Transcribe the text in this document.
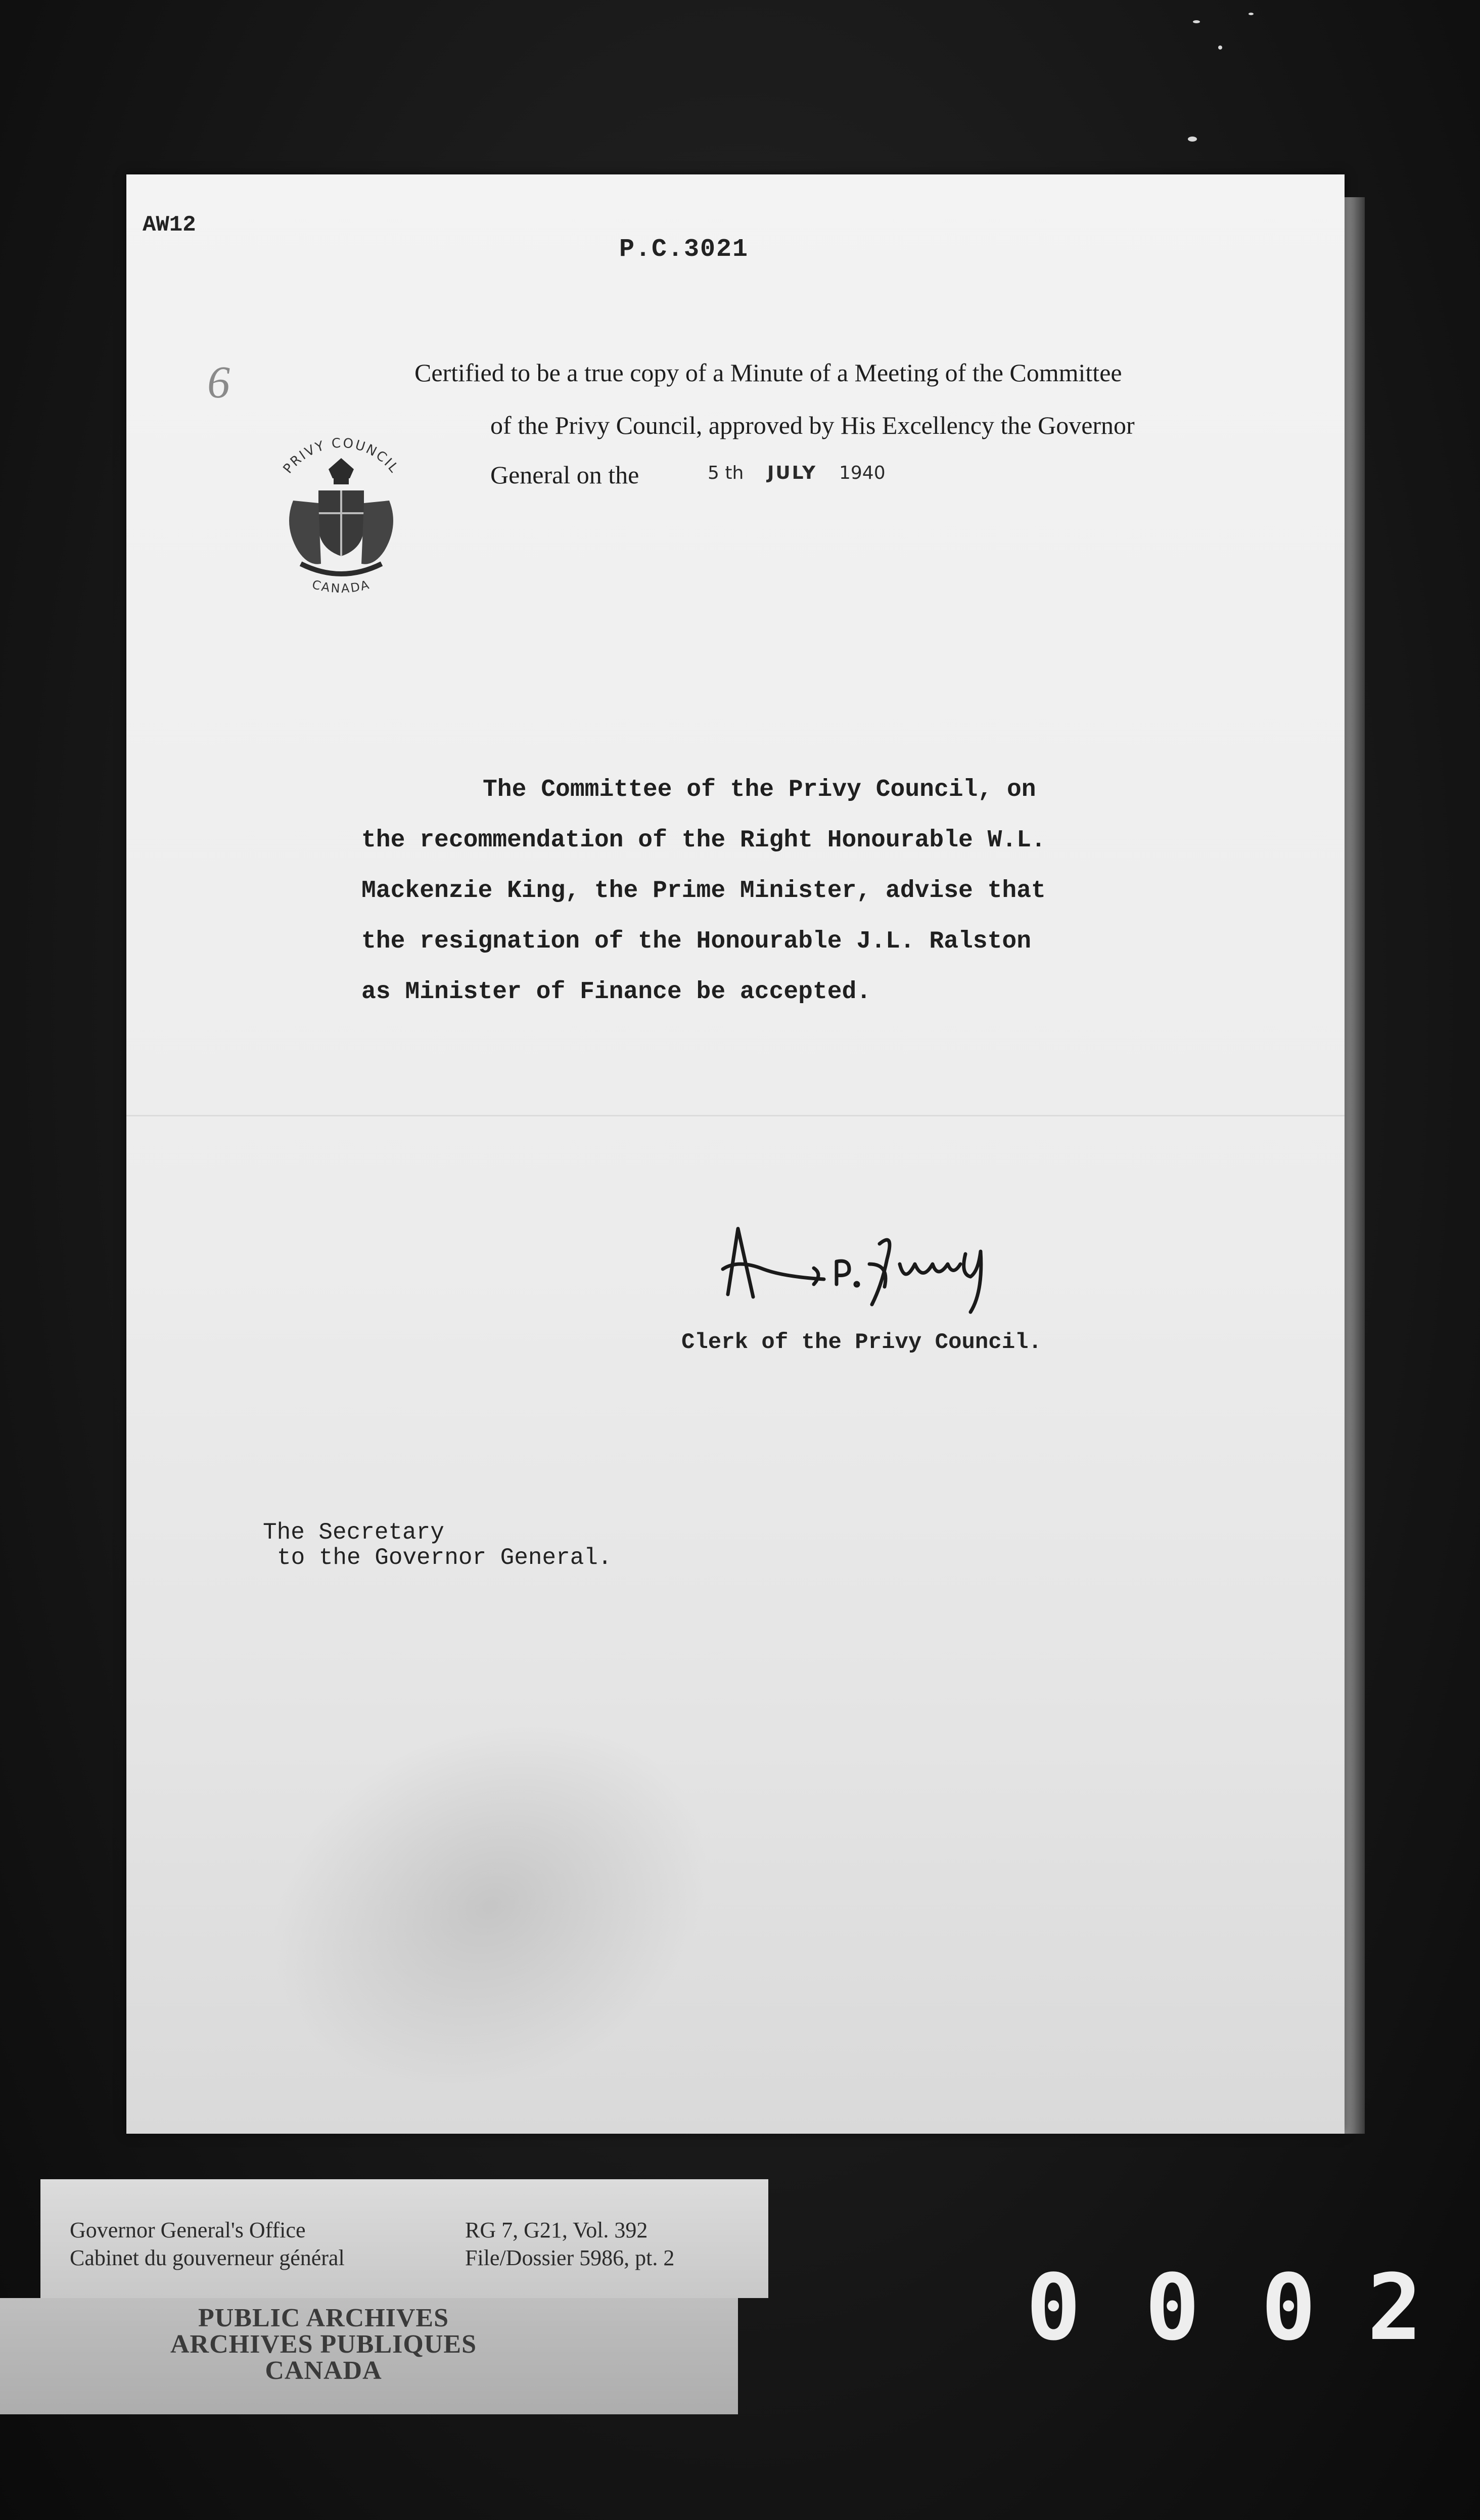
AW12
P.C.3021
6	Certified to be a true copy of a Minute of a Meeting of the Committee
of the Privy Council, approved by His Excellency the Governor
General on the	5 th JULY 1940
PRIVY COUNCIL
CANADA
The Committee of the Privy Council, on
the recommendation of the Right Honourable W.L.
Mackenzie King, the Prime Minister, advise that
the resignation of the Honourable J.L. Ralston
as Minister of Finance be accepted.
Clerk of the Privy Council.
The Secretary
to the Governor General.
Governor General's Office
Cabinet du gouverneur général
RG 7, G21, Vol. 392
File/Dossier 5986, pt. 2
PUBLIC ARCHIVES
ARCHIVES PUBLIQUES
CANADA
0 0 0 2
